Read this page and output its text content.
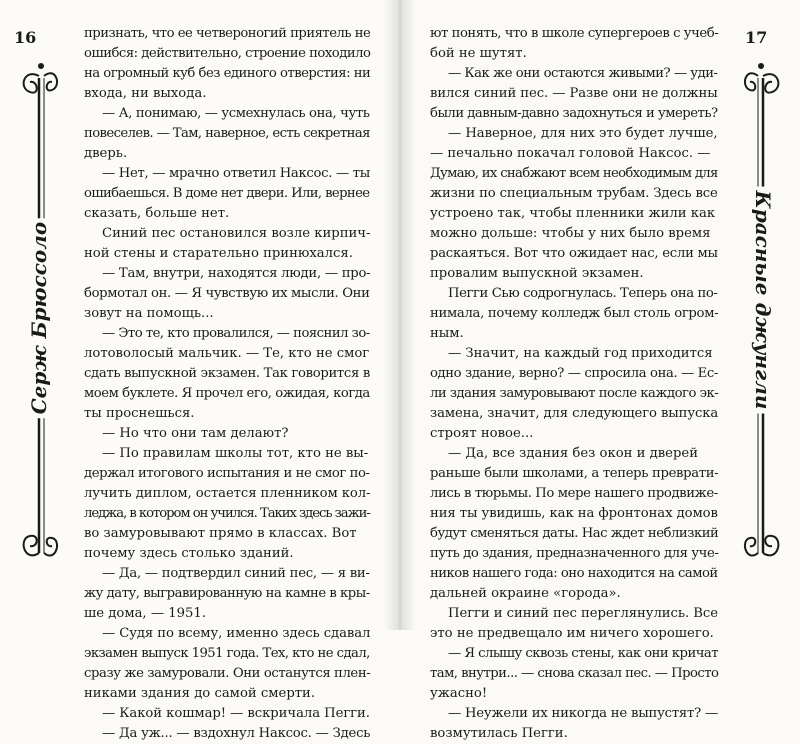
16
Серж Брюссоло
признать, что ее четвероногий приятель не
ошибся: действительно, строение походило
на огромный куб без единого отверстия: ни
входа, ни выхода.
— А, понимаю, — усмехнулась она, чуть
повеселев. — Там, наверное, есть секретная
дверь.
— Нет, — мрачно ответил Наксос. — ты
ошибаешься. В доме нет двери. Или, вернее
сказать, больше нет.
Синий пес остановился возле кирпич-
ной стены и старательно принюхался.
— Там, внутри, находятся люди, — про-
бормотал он. — Я чувствую их мысли. Они
зовут на помощь...
— Это те, кто провалился, — пояснил зо-
лотоволосый мальчик. — Те, кто не смог
сдать выпускной экзамен. Так говорится в
моем буклете. Я прочел его, ожидая, когда
ты проснешься.
— Но что они там делают?
— По правилам школы тот, кто не вы-
держал итогового испытания и не смог по-
лучить диплом, остается пленником кол-
леджа, в котором он учился. Таких здесь зажи-
во замуровывают прямо в классах. Вот
почему здесь столько зданий.
— Да, — подтвердил синий пес, — я ви-
жу дату, выгравированную на камне в кры-
ше дома, — 1951.
— Судя по всему, именно здесь сдавал
экзамен выпуск 1951 года. Тех, кто не сдал,
сразу же замуровали. Они останутся плен-
никами здания до самой смерти.
— Какой кошмар! — вскричала Пегги.
— Да уж... — вздохнул Наксос. — Здесь
17
Красные джунгли
ют понять, что в школе супергероев с учеб-
бой не шутят.
— Как же они остаются живыми? — уди-
вился синий пес. — Разве они не должны
были давным-давно задохнуться и умереть?
— Наверное, для них это будет лучше,
— печально покачал головой Наксос. —
Думаю, их снабжают всем необходимым для
жизни по специальным трубам. Здесь все
устроено так, чтобы пленники жили как
можно дольше: чтобы у них было время
раскаяться. Вот что ожидает нас, если мы
провалим выпускной экзамен.
Пегги Сью содрогнулась. Теперь она по-
нимала, почему колледж был столь огром-
ным.
— Значит, на каждый год приходится
одно здание, верно? — спросила она. — Ес-
ли здания замуровывают после каждого эк-
замена, значит, для следующего выпуска
строят новое...
— Да, все здания без окон и дверей
раньше были школами, а теперь преврати-
лись в тюрьмы. По мере нашего продвиже-
ния ты увидишь, как на фронтонах домов
будут сменяться даты. Нас ждет неблизкий
путь до здания, предназначенного для уче-
ников нашего года: оно находится на самой
дальней окраине «города».
Пегги и синий пес переглянулись. Все
это не предвещало им ничего хорошего.
— Я слышу сквозь стены, как они кричат
там, внутри... — снова сказал пес. — Просто
ужасно!
— Неужели их никогда не выпустят? —
возмутилась Пегги.
